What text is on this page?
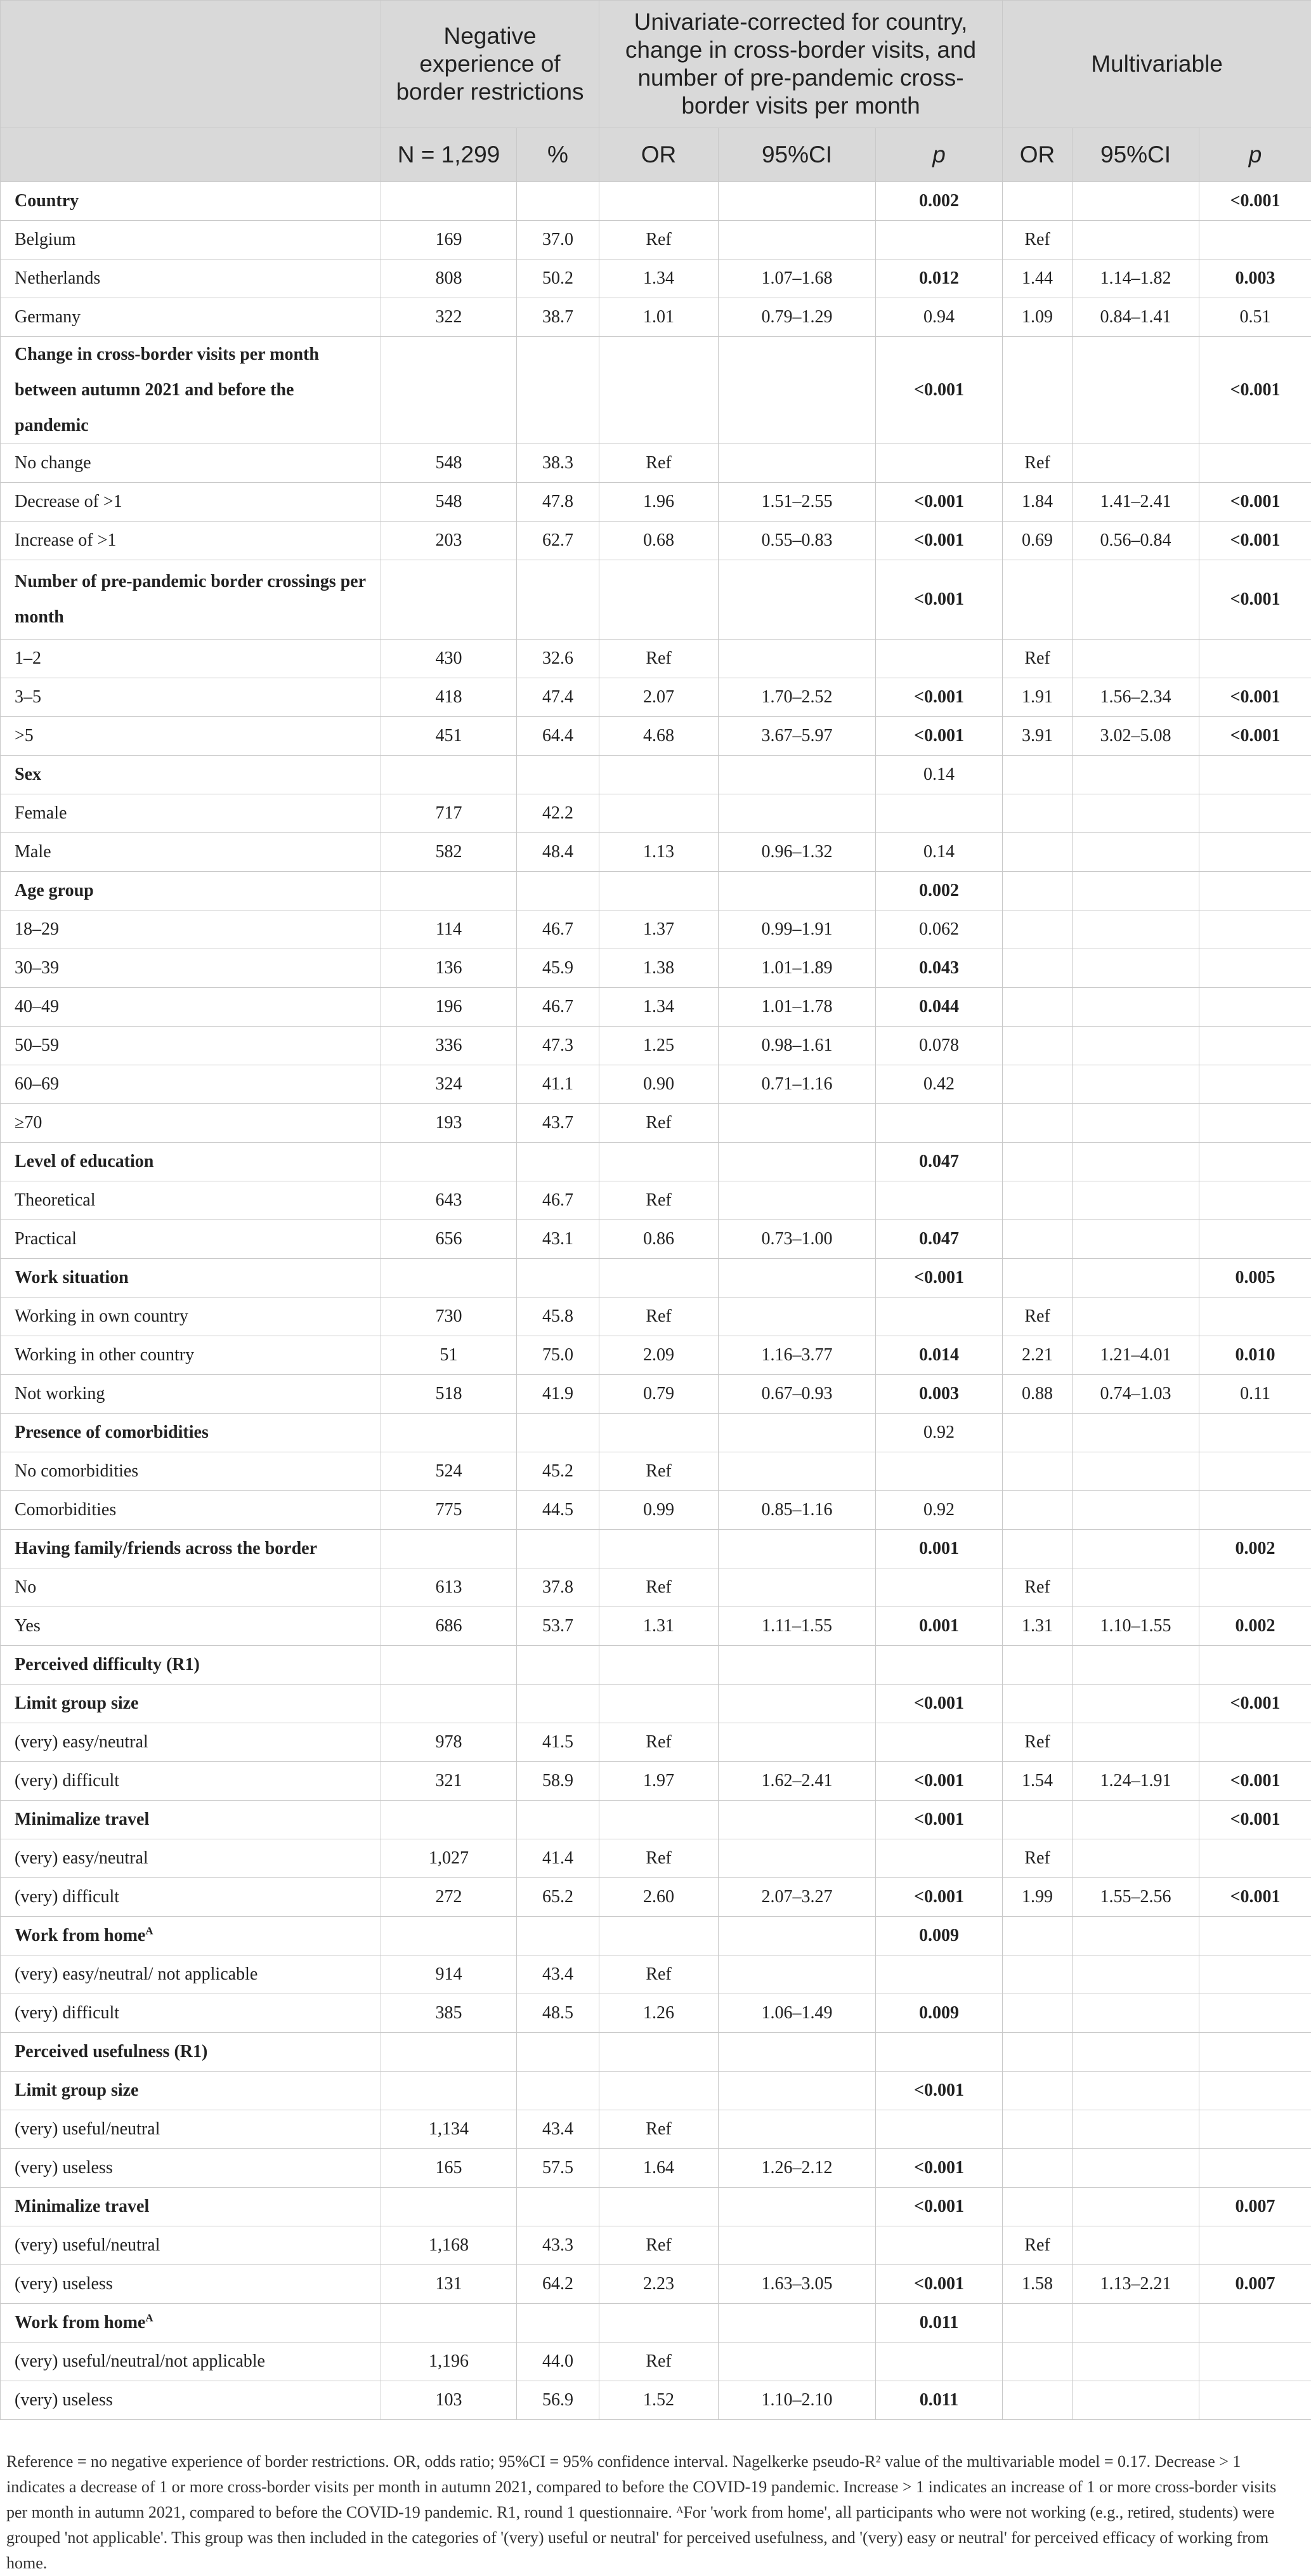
	Negative experience of border restrictions		Univariate-corrected for country, change in cross-border visits, and number of pre-pandemic cross-border visits per month			Multivariable		
	N = 1,299	%	OR	95%CI	p	OR	95%CI	p
Country					0.002			<0.001
Belgium	169	37.0	Ref			Ref		
Netherlands	808	50.2	1.34	1.07–1.68	0.012	1.44	1.14–1.82	0.003
Germany	322	38.7	1.01	0.79–1.29	0.94	1.09	0.84–1.41	0.51
Change in cross-border visits per month between autumn 2021 and before the pandemic					<0.001			<0.001
No change	548	38.3	Ref			Ref		
Decrease of >1	548	47.8	1.96	1.51–2.55	<0.001	1.84	1.41–2.41	<0.001
Increase of >1	203	62.7	0.68	0.55–0.83	<0.001	0.69	0.56–0.84	<0.001
Number of pre-pandemic border crossings per month					<0.001			<0.001
1–2	430	32.6	Ref			Ref		
3–5	418	47.4	2.07	1.70–2.52	<0.001	1.91	1.56–2.34	<0.001
>5	451	64.4	4.68	3.67–5.97	<0.001	3.91	3.02–5.08	<0.001
Sex					0.14			
Female	717	42.2						
Male	582	48.4	1.13	0.96–1.32	0.14			
Age group					0.002			
18–29	114	46.7	1.37	0.99–1.91	0.062			
30–39	136	45.9	1.38	1.01–1.89	0.043			
40–49	196	46.7	1.34	1.01–1.78	0.044			
50–59	336	47.3	1.25	0.98–1.61	0.078			
60–69	324	41.1	0.90	0.71–1.16	0.42			
≥70	193	43.7	Ref					
Level of education					0.047			
Theoretical	643	46.7	Ref					
Practical	656	43.1	0.86	0.73–1.00	0.047			
Work situation					<0.001			0.005
Working in own country	730	45.8	Ref			Ref		
Working in other country	51	75.0	2.09	1.16–3.77	0.014	2.21	1.21–4.01	0.010
Not working	518	41.9	0.79	0.67–0.93	0.003	0.88	0.74–1.03	0.11
Presence of comorbidities					0.92			
No comorbidities	524	45.2	Ref					
Comorbidities	775	44.5	0.99	0.85–1.16	0.92			
Having family/friends across the border					0.001			0.002
No	613	37.8	Ref			Ref		
Yes	686	53.7	1.31	1.11–1.55	0.001	1.31	1.10–1.55	0.002
Perceived difficulty (R1)								
Limit group size					<0.001			<0.001
(very) easy/neutral	978	41.5	Ref			Ref		
(very) difficult	321	58.9	1.97	1.62–2.41	<0.001	1.54	1.24–1.91	<0.001
Minimalize travel					<0.001			<0.001
(very) easy/neutral	1,027	41.4	Ref			Ref		
(very) difficult	272	65.2	2.60	2.07–3.27	<0.001	1.99	1.55–2.56	<0.001
Work from home$^A$					0.009			
(very) easy/neutral/ not applicable	914	43.4	Ref					
(very) difficult	385	48.5	1.26	1.06–1.49	0.009			
Perceived usefulness (R1)								
Limit group size					<0.001			
(very) useful/neutral	1,134	43.4	Ref					
(very) useless	165	57.5	1.64	1.26–2.12	<0.001			
Minimalize travel					<0.001			0.007
(very) useful/neutral	1,168	43.3	Ref			Ref		
(very) useless	131	64.2	2.23	1.63–3.05	<0.001	1.58	1.13–2.21	0.007
Work from home$^A$					0.011			
(very) useful/neutral/not applicable	1,196	44.0	Ref					
(very) useless	103	56.9	1.52	1.10–2.10	0.011			
Reference = no negative experience of border restrictions. OR, odds ratio; 95%CI = 95% confidence interval. Nagelkerke pseudo-R² value of the multivariable model = 0.17. Decrease > 1 indicates a decrease of 1 or more cross-border visits per month in autumn 2021, compared to before the COVID-19 pandemic. Increase > 1 indicates an increase of 1 or more cross-border visits per month in autumn 2021, compared to before the COVID-19 pandemic. R1, round 1 questionnaire. ᴬFor 'work from home', all participants who were not working (e.g., retired, students) were grouped 'not applicable'. This group was then included in the categories of '(very) useful or neutral' for perceived usefulness, and '(very) easy or neutral' for perceived efficacy of working from home.
